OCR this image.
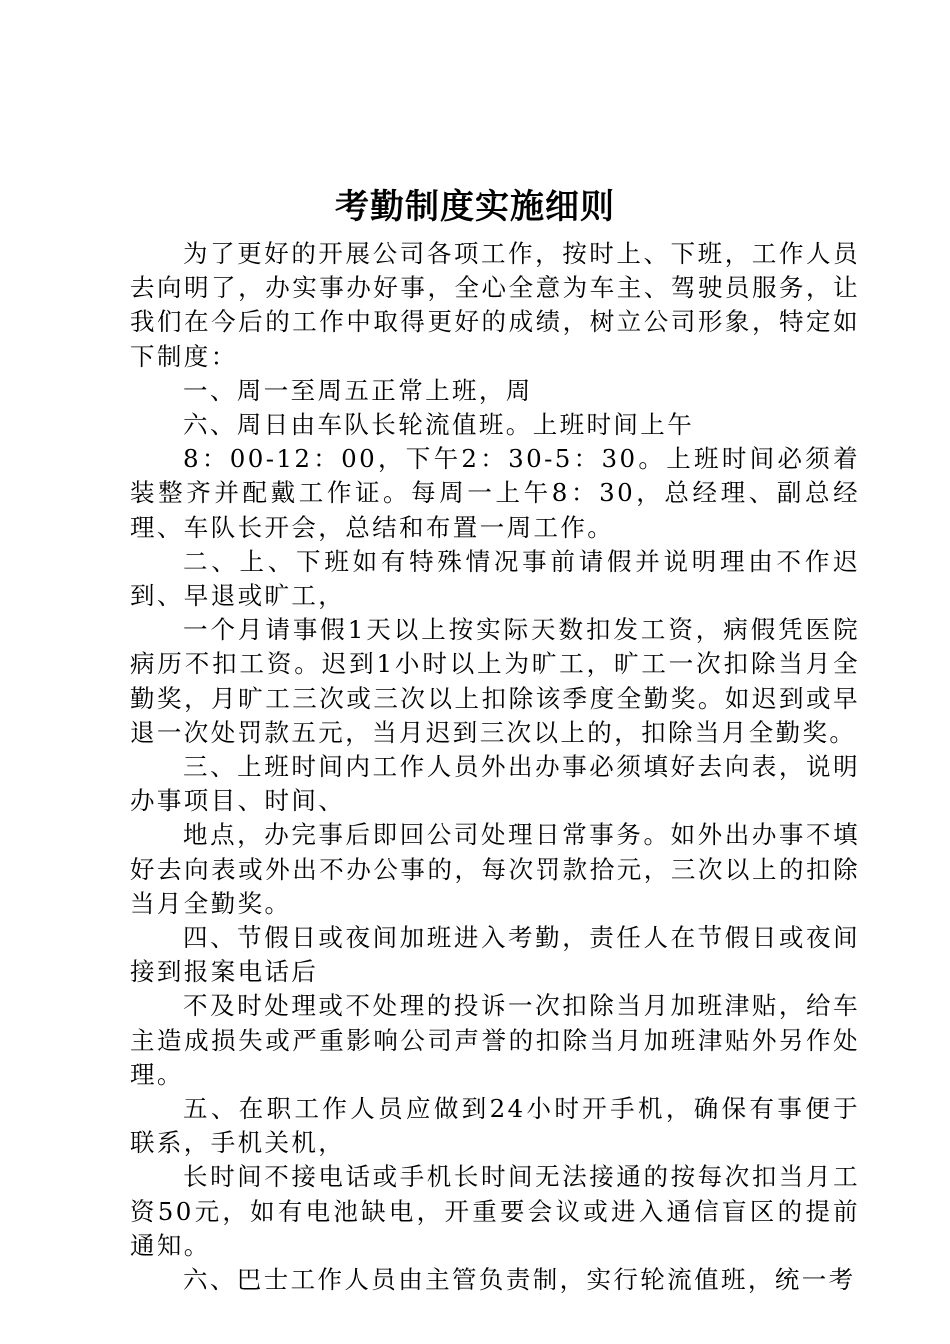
考勤制度实施细则

为了更好的开展公司各项工作，按时上、下班，工作人员去向明了，办实事办好事，全心全意为车主、驾驶员服务，让我们在今后的工作中取得更好的成绩，树立公司形象，特定如下制度：

一、周一至周五正常上班，周

六、周日由车队长轮流值班。上班时间上午

8：00-12：00，下午2：30-5：30。上班时间必须着装整齐并配戴工作证。每周一上午8：30，总经理、副总经理、车队长开会，总结和布置一周工作。

二、上、下班如有特殊情况事前请假并说明理由不作迟到、早退或旷工，

一个月请事假1天以上按实际天数扣发工资，病假凭医院病历不扣工资。迟到1小时以上为旷工，旷工一次扣除当月全勤奖，月旷工三次或三次以上扣除该季度全勤奖。如迟到或早退一次处罚款五元，当月迟到三次以上的，扣除当月全勤奖。

三、上班时间内工作人员外出办事必须填好去向表，说明办事项目、时间、

地点，办完事后即回公司处理日常事务。如外出办事不填好去向表或外出不办公事的，每次罚款拾元，三次以上的扣除当月全勤奖。

四、节假日或夜间加班进入考勤，责任人在节假日或夜间接到报案电话后

不及时处理或不处理的投诉一次扣除当月加班津贴，给车主造成损失或严重影响公司声誉的扣除当月加班津贴外另作处理。

五、在职工作人员应做到24小时开手机，确保有事便于联系，手机关机，

长时间不接电话或手机长时间无法接通的按每次扣当月工资50元，如有电池缺电，开重要会议或进入通信盲区的提前通知。

六、巴士工作人员由主管负责制，实行轮流值班，统一考
